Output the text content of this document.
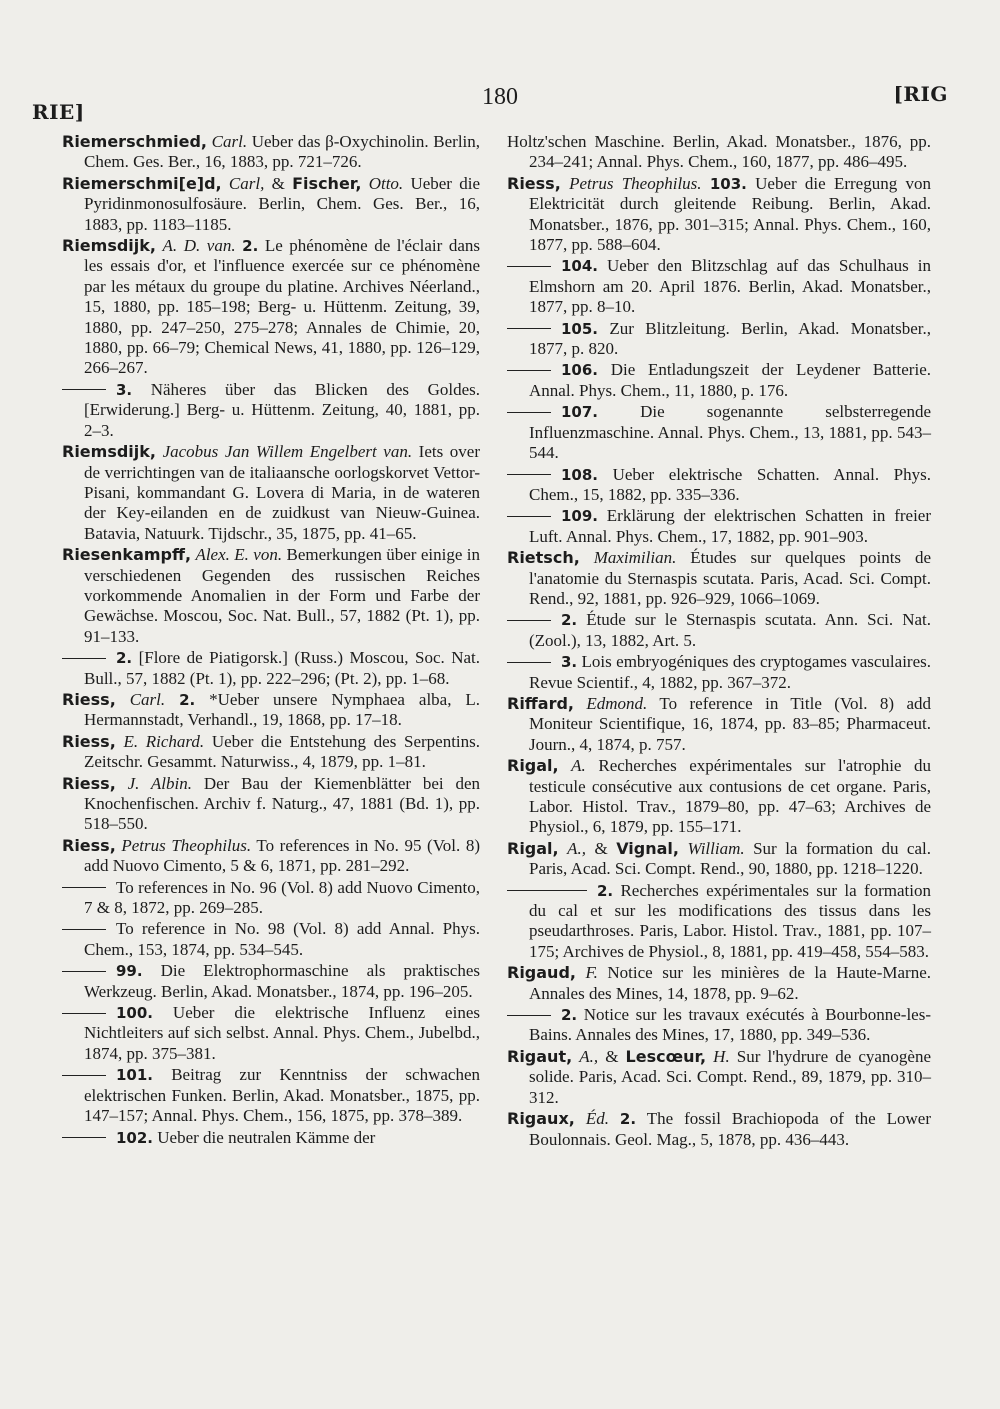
RIE]
180	[RIG
Riemerschmied, Carl. Ueber das β-Oxychinolin. Berlin, Chem. Ges. Ber., 16, 1883, pp. 721–726.
Riemerschmi[e]d, Carl, & Fischer, Otto. Ueber die Pyridinmonosulfosäure. Berlin, Chem. Ges. Ber., 16, 1883, pp. 1183–1185.
Riemsdijk, A. D. van. 2. Le phénomène de l'éclair dans les essais d'or, et l'influence exercée sur ce phénomène par les métaux du groupe du platine. Archives Néerland., 15, 1880, pp. 185–198; Berg- u. Hüttenm. Zeitung, 39, 1880, pp. 247–250, 275–278; Annales de Chimie, 20, 1880, pp. 66–79; Chemical News, 41, 1880, pp. 126–129, 266–267.
3. Näheres über das Blicken des Goldes. [Erwiderung.] Berg- u. Hüttenm. Zeitung, 40, 1881, pp. 2–3.
Riemsdijk, Jacobus Jan Willem Engelbert van. Iets over de verrichtingen van de italiaansche oorlogskorvet Vettor-Pisani, kommandant G. Lovera di Maria, in de wateren der Key-eilanden en de zuidkust van Nieuw-Guinea. Batavia, Natuurk. Tijdschr., 35, 1875, pp. 41–65.
Riesenkampff, Alex. E. von. Bemerkungen über einige in verschiedenen Gegenden des russischen Reiches vorkommende Anomalien in der Form und Farbe der Gewächse. Moscou, Soc. Nat. Bull., 57, 1882 (Pt. 1), pp. 91–133.
2. [Flore de Piatigorsk.] (Russ.) Moscou, Soc. Nat. Bull., 57, 1882 (Pt. 1), pp. 222–296; (Pt. 2), pp. 1–68.
Riess, Carl. 2. *Ueber unsere Nymphaea alba, L. Hermannstadt, Verhandl., 19, 1868, pp. 17–18.
Riess, E. Richard. Ueber die Entstehung des Serpentins. Zeitschr. Gesammt. Naturwiss., 4, 1879, pp. 1–81.
Riess, J. Albin. Der Bau der Kiemenblätter bei den Knochenfischen. Archiv f. Naturg., 47, 1881 (Bd. 1), pp. 518–550.
Riess, Petrus Theophilus. To references in No. 95 (Vol. 8) add Nuovo Cimento, 5 & 6, 1871, pp. 281–292.
To references in No. 96 (Vol. 8) add Nuovo Cimento, 7 & 8, 1872, pp. 269–285.
To reference in No. 98 (Vol. 8) add Annal. Phys. Chem., 153, 1874, pp. 534–545.
99. Die Elektrophormaschine als praktisches Werkzeug. Berlin, Akad. Monatsber., 1874, pp. 196–205.
100. Ueber die elektrische Influenz eines Nichtleiters auf sich selbst. Annal. Phys. Chem., Jubelbd., 1874, pp. 375–381.
101. Beitrag zur Kenntniss der schwachen elektrischen Funken. Berlin, Akad. Monatsber., 1875, pp. 147–157; Annal. Phys. Chem., 156, 1875, pp. 378–389.
102. Ueber die neutralen Kämme der
Holtz'schen Maschine. Berlin, Akad. Monatsber., 1876, pp. 234–241; Annal. Phys. Chem., 160, 1877, pp. 486–495.
Riess, Petrus Theophilus. 103. Ueber die Erregung von Elektricität durch gleitende Reibung. Berlin, Akad. Monatsber., 1876, pp. 301–315; Annal. Phys. Chem., 160, 1877, pp. 588–604.
104. Ueber den Blitzschlag auf das Schulhaus in Elmshorn am 20. April 1876. Berlin, Akad. Monatsber., 1877, pp. 8–10.
105. Zur Blitzleitung. Berlin, Akad. Monatsber., 1877, p. 820.
106. Die Entladungszeit der Leydener Batterie. Annal. Phys. Chem., 11, 1880, p. 176.
107. Die sogenannte selbsterregende Influenzmaschine. Annal. Phys. Chem., 13, 1881, pp. 543–544.
108. Ueber elektrische Schatten. Annal. Phys. Chem., 15, 1882, pp. 335–336.
109. Erklärung der elektrischen Schatten in freier Luft. Annal. Phys. Chem., 17, 1882, pp. 901–903.
Rietsch, Maximilian. Études sur quelques points de l'anatomie du Sternaspis scutata. Paris, Acad. Sci. Compt. Rend., 92, 1881, pp. 926–929, 1066–1069.
2. Étude sur le Sternaspis scutata. Ann. Sci. Nat. (Zool.), 13, 1882, Art. 5.
3. Lois embryogéniques des cryptogames vasculaires. Revue Scientif., 4, 1882, pp. 367–372.
Riffard, Edmond. To reference in Title (Vol. 8) add Moniteur Scientifique, 16, 1874, pp. 83–85; Pharmaceut. Journ., 4, 1874, p. 757.
Rigal, A. Recherches expérimentales sur l'atrophie du testicule consécutive aux contusions de cet organe. Paris, Labor. Histol. Trav., 1879–80, pp. 47–63; Archives de Physiol., 6, 1879, pp. 155–171.
Rigal, A., & Vignal, William. Sur la formation du cal. Paris, Acad. Sci. Compt. Rend., 90, 1880, pp. 1218–1220.
2. Recherches expérimentales sur la formation du cal et sur les modifications des tissus dans les pseudarthroses. Paris, Labor. Histol. Trav., 1881, pp. 107–175; Archives de Physiol., 8, 1881, pp. 419–458, 554–583.
Rigaud, F. Notice sur les minières de la Haute-Marne. Annales des Mines, 14, 1878, pp. 9–62.
2. Notice sur les travaux exécutés à Bourbonne-les-Bains. Annales des Mines, 17, 1880, pp. 349–536.
Rigaut, A., & Lescœur, H. Sur l'hydrure de cyanogène solide. Paris, Acad. Sci. Compt. Rend., 89, 1879, pp. 310–312.
Rigaux, Éd. 2. The fossil Brachiopoda of the Lower Boulonnais. Geol. Mag., 5, 1878, pp. 436–443.
